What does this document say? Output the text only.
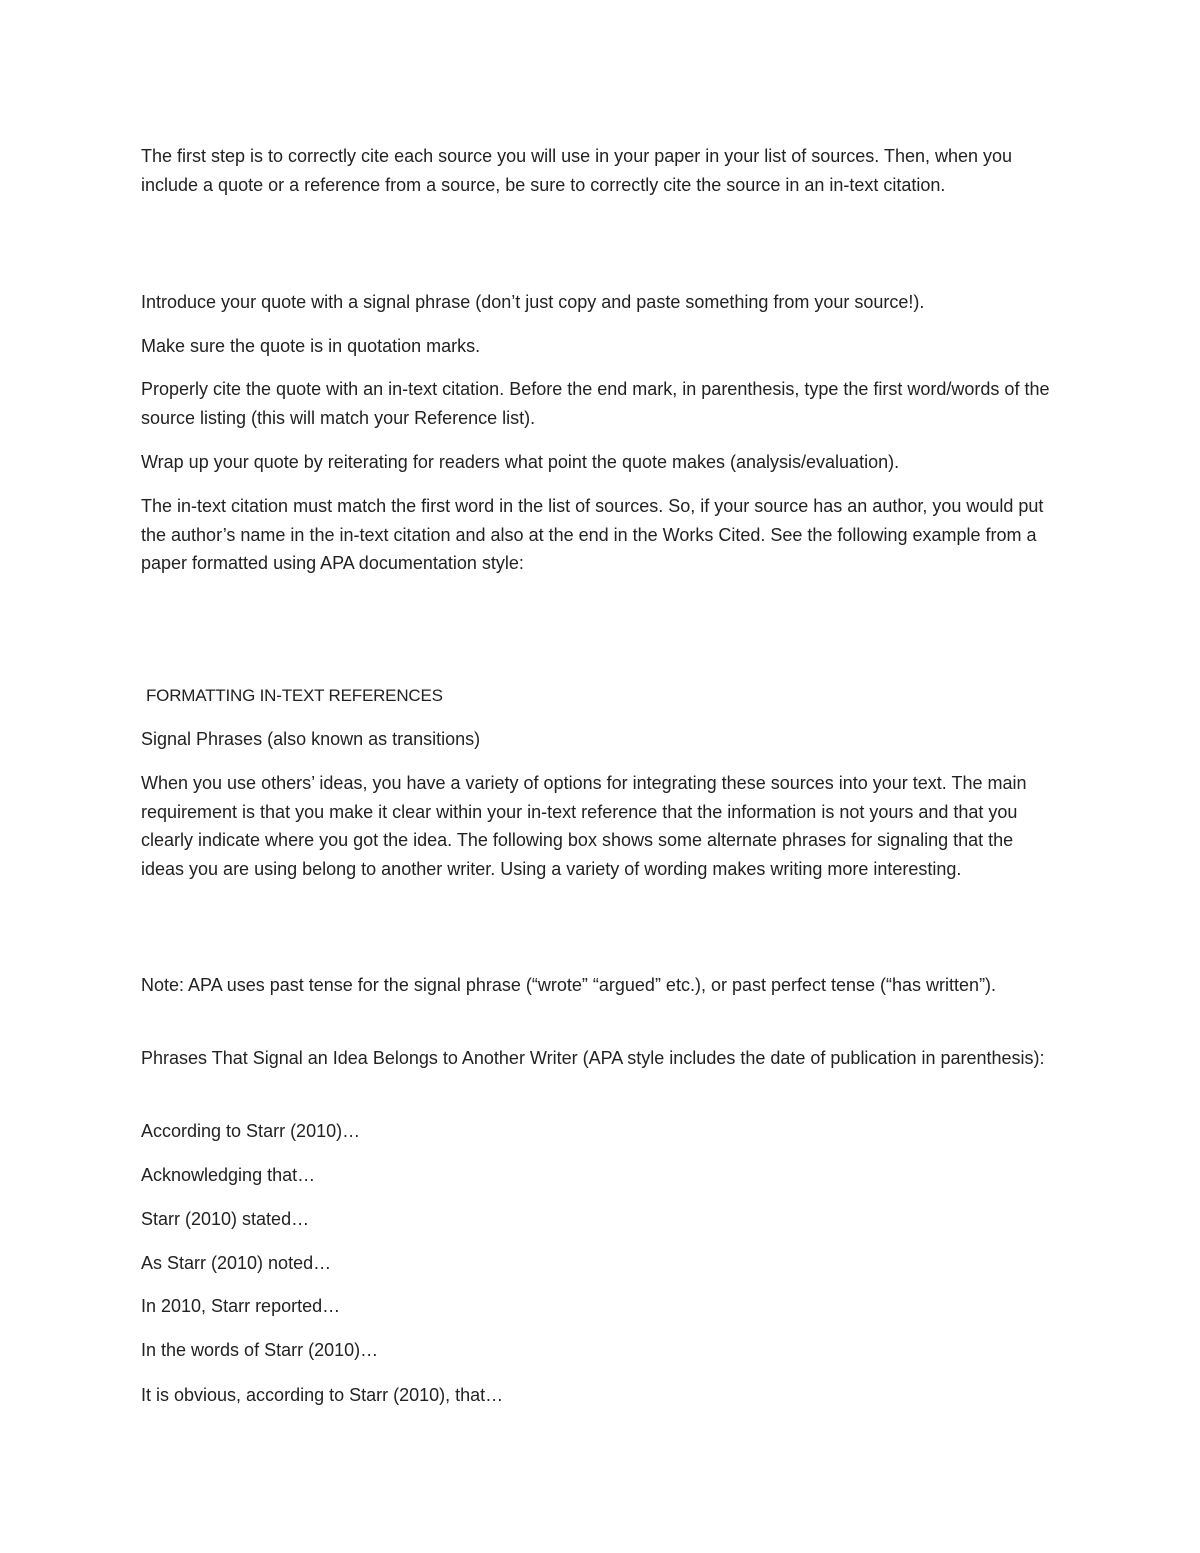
The first step is to correctly cite each source you will use in your paper in your list of sources. Then, when you include a quote or a reference from a source, be sure to correctly cite the source in an in-text citation.

Introduce your quote with a signal phrase (don’t just copy and paste something from your source!).

Make sure the quote is in quotation marks.

Properly cite the quote with an in-text citation. Before the end mark, in parenthesis, type the first word/words of the source listing (this will match your Reference list).

Wrap up your quote by reiterating for readers what point the quote makes (analysis/evaluation).

The in-text citation must match the first word in the list of sources. So, if your source has an author, you would put the author’s name in the in-text citation and also at the end in the Works Cited. See the following example from a paper formatted using APA documentation style:

FORMATTING IN-TEXT REFERENCES

Signal Phrases (also known as transitions)

When you use others’ ideas, you have a variety of options for integrating these sources into your text. The main requirement is that you make it clear within your in-text reference that the information is not yours and that you clearly indicate where you got the idea. The following box shows some alternate phrases for signaling that the ideas you are using belong to another writer. Using a variety of wording makes writing more interesting.

Note: APA uses past tense for the signal phrase (“wrote” “argued” etc.), or past perfect tense (“has written”).

Phrases That Signal an Idea Belongs to Another Writer (APA style includes the date of publication in parenthesis):

According to Starr (2010)…

Acknowledging that…

Starr (2010) stated…

As Starr (2010) noted…

In 2010, Starr reported…

In the words of Starr (2010)…

It is obvious, according to Starr (2010), that…
